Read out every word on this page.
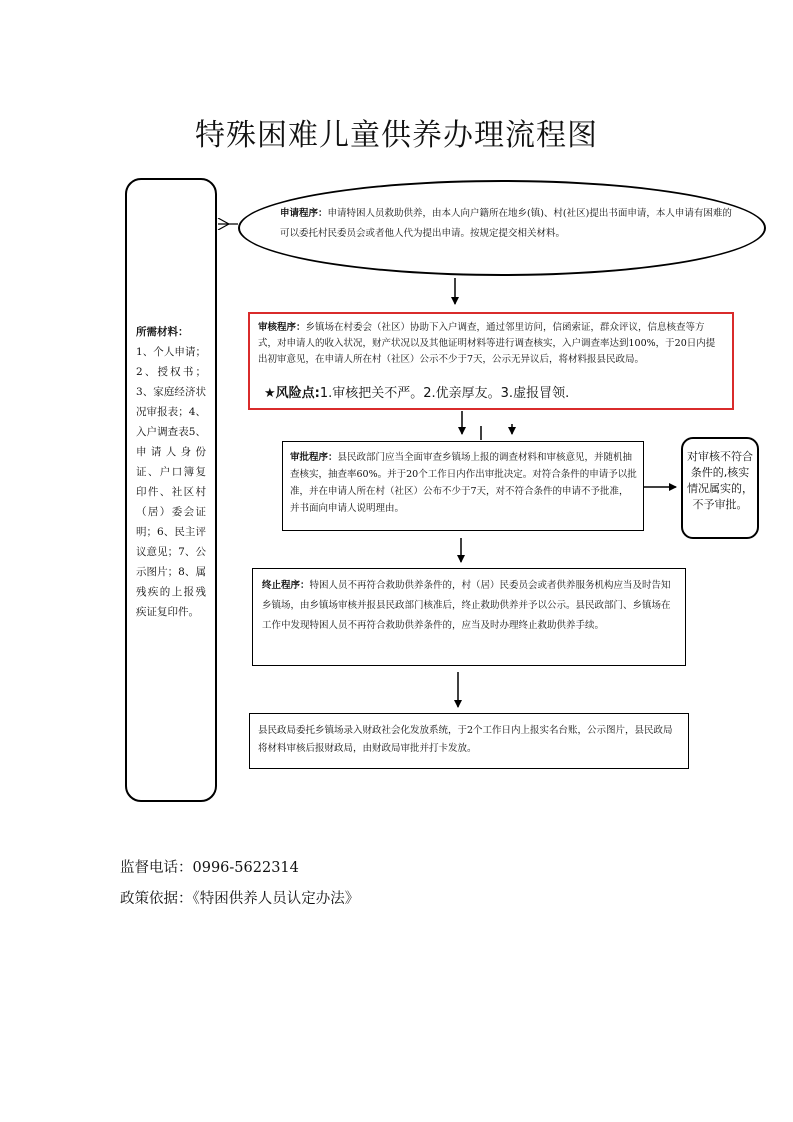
特殊困难儿童供养办理流程图
所需材料：
1、个人申请；2、授权书；3、家庭经济状况审报表；4、入户调查表5、申请人身份证、户口簿复印件、社区村（居）委会证明；6、民主评议意见；7、公示图片；8、属残疾的上报残疾证复印件。
申请程序：申请特困人员救助供养，由本人向户籍所在地乡(镇)、村(社区)提出书面申请，本人申请有困难的可以委托村民委员会或者他人代为提出申请。按规定提交相关材料。
审核程序：乡镇场在村委会（社区）协助下入户调查，通过邻里访问，信函索证，群众评议，信息核查等方式，对申请人的收入状况，财产状况以及其他证明材料等进行调查核实，入户调查率达到100%，于20日内提出初审意见，在申请人所在村（社区）公示不少于7天，公示无异议后，将材料报县民政局。
★风险点:1.审核把关不严。2.优亲厚友。3.虚报冒领.
审批程序：县民政部门应当全面审查乡镇场上报的调查材料和审核意见，并随机抽查核实，抽查率60%。并于20个工作日内作出审批决定。对符合条件的申请予以批准，并在申请人所在村（社区）公布不少于7天，对不符合条件的申请不予批准，并书面向申请人说明理由。
对审核不符合条件的,核实情况属实的，不予审批。
终止程序：特困人员不再符合救助供养条件的，村（居）民委员会或者供养服务机构应当及时告知乡镇场，由乡镇场审核并报县民政部门核准后，终止救助供养并予以公示。县民政部门、乡镇场在工作中发现特困人员不再符合救助供养条件的，应当及时办理终止救助供养手续。
县民政局委托乡镇场录入财政社会化发放系统，于2个工作日内上报实名台账，公示图片，县民政局将材料审核后报财政局，由财政局审批并打卡发放。
监督电话：0996-5622314
政策依据：《特困供养人员认定办法》
